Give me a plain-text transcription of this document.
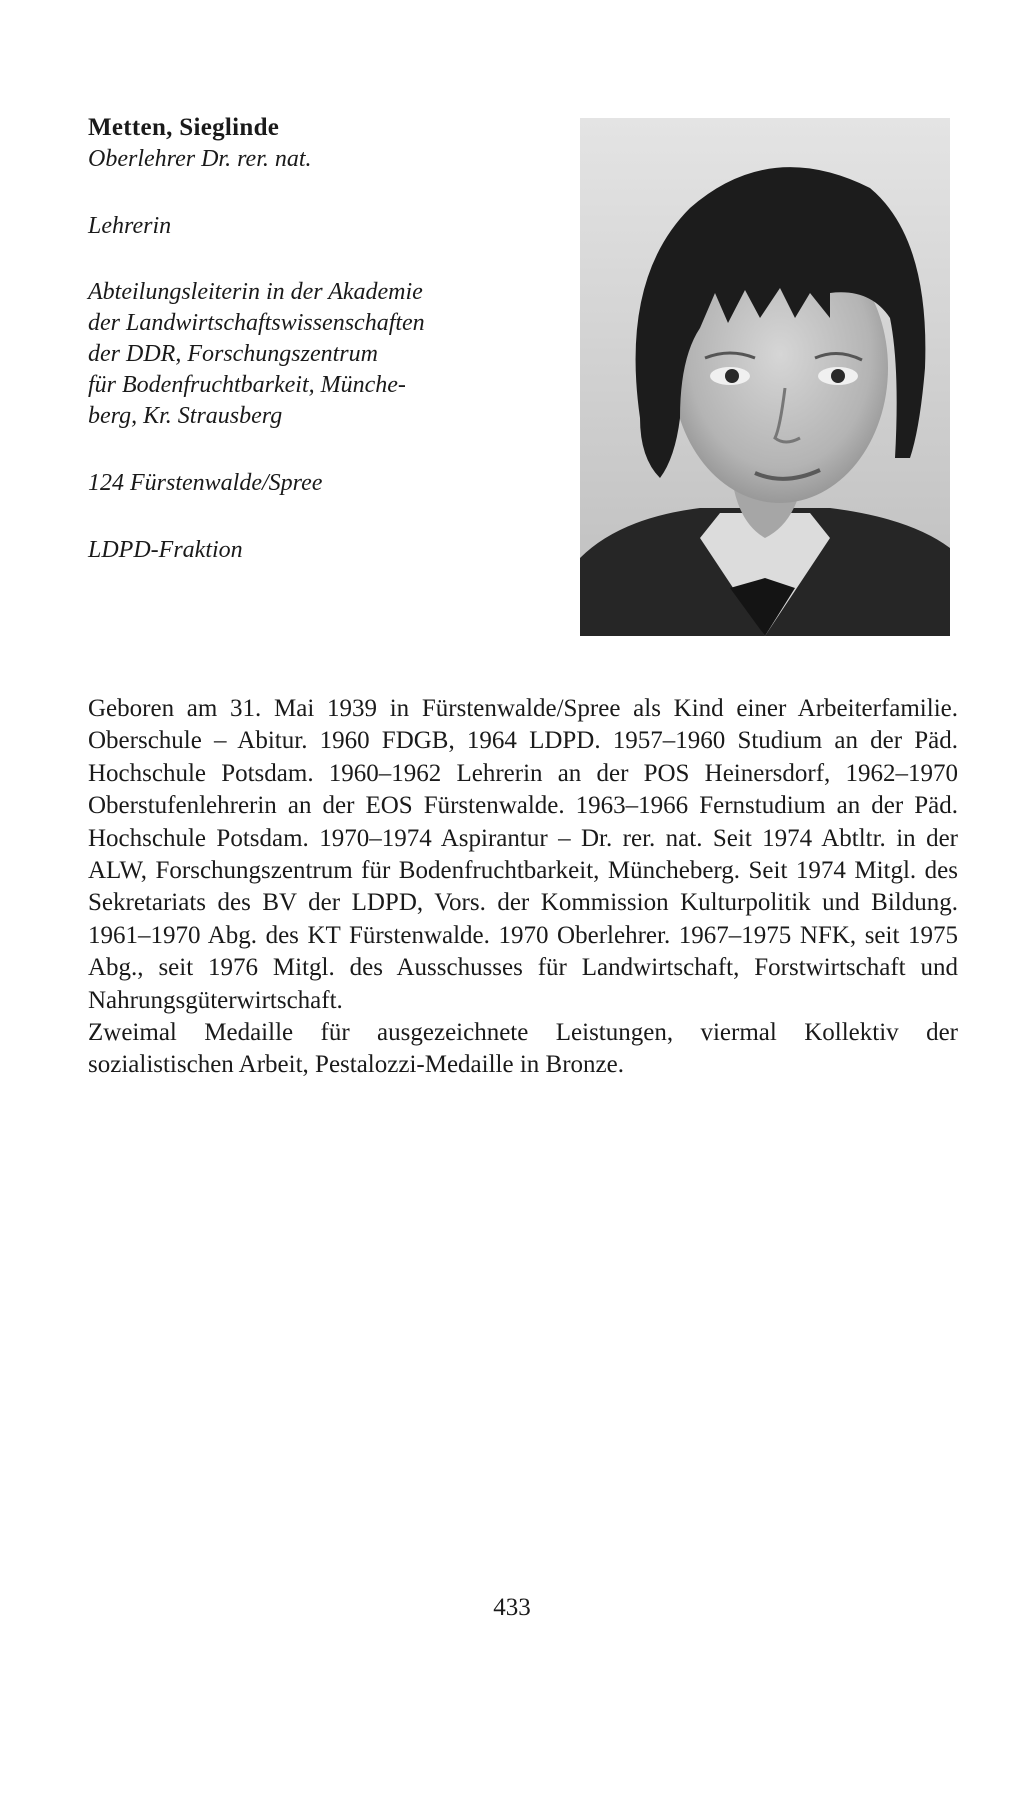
Metten, Sieglinde

Oberlehrer Dr. rer. nat.

Lehrerin

Abteilungsleiterin in der Akademie

der Landwirtschaftswissenschaften

der DDR, Forschungszentrum

für Bodenfruchtbarkeit, Münche-

berg, Kr. Strausberg

124 Fürstenwalde/Spree

LDPD-Fraktion

Geboren am 31. Mai 1939 in Fürstenwalde/Spree als Kind einer Arbeiterfamilie. Oberschule – Abitur. 1960 FDGB, 1964 LDPD. 1957–1960 Studium an der Päd. Hochschule Potsdam. 1960–1962 Lehrerin an der POS Heinersdorf, 1962–1970 Oberstufenlehrerin an der EOS Fürstenwalde. 1963–1966 Fernstudium an der Päd. Hochschule Potsdam. 1970–1974 Aspirantur – Dr. rer. nat. Seit 1974 Abtltr. in der ALW, Forschungszentrum für Bodenfruchtbarkeit, Müncheberg. Seit 1974 Mitgl. des Sekretariats des BV der LDPD, Vors. der Kommission Kulturpolitik und Bildung. 1961–1970 Abg. des KT Fürstenwalde. 1970 Oberlehrer. 1967–1975 NFK, seit 1975 Abg., seit 1976 Mitgl. des Ausschusses für Landwirtschaft, Forstwirtschaft und Nahrungsgüterwirtschaft.

Zweimal Medaille für ausgezeichnete Leistungen, viermal Kollektiv der sozialistischen Arbeit, Pestalozzi-Medaille in Bronze.

433
